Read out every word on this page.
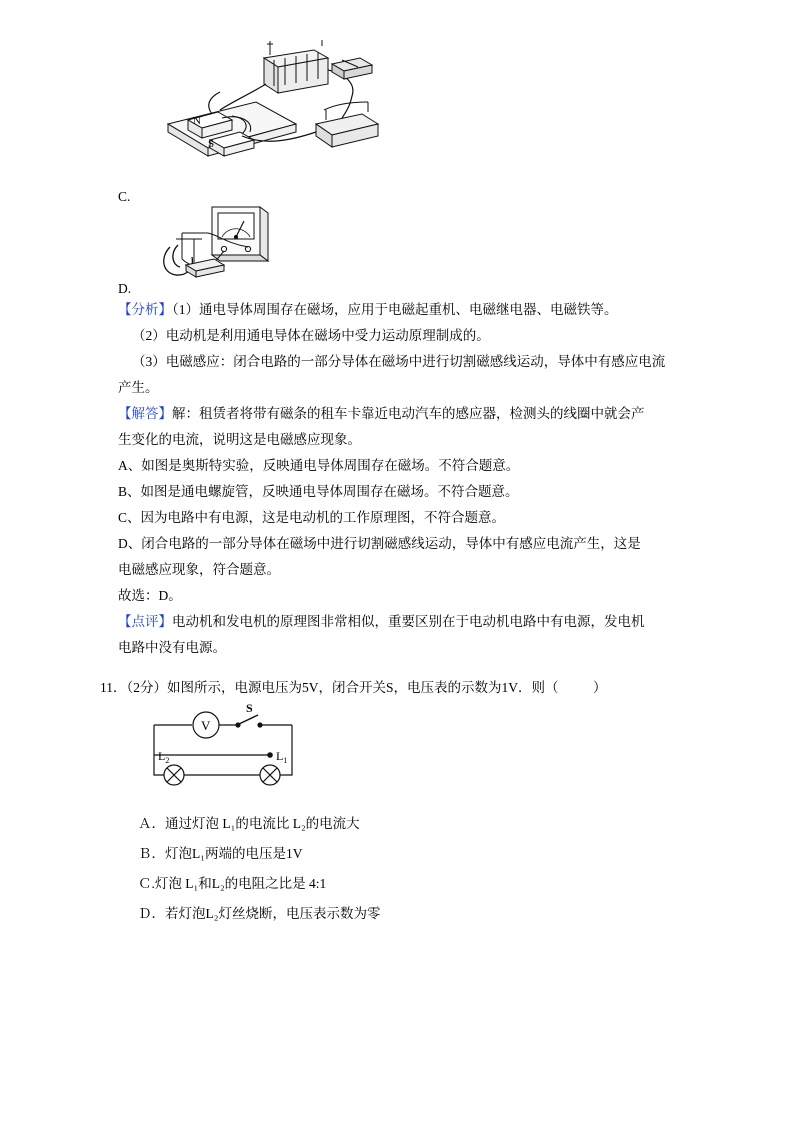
N
S
C.
D.
【分析】（1）通电导体周围存在磁场，应用于电磁起重机、电磁继电器、电磁铁等。
（2）电动机是利用通电导体在磁场中受力运动原理制成的。
（3）电磁感应：闭合电路的一部分导体在磁场中进行切割磁感线运动，导体中有感应电流
产生。
【解答】解：租赁者将带有磁条的租车卡靠近电动汽车的感应器，检测头的线圈中就会产
生变化的电流，说明这是电磁感应现象。
A、如图是奥斯特实验，反映通电导体周围存在磁场。不符合题意。
B、如图是通电螺旋管，反映通电导体周围存在磁场。不符合题意。
C、因为电路中有电源，这是电动机的工作原理图，不符合题意。
D、闭合电路的一部分导体在磁场中进行切割磁感线运动，导体中有感应电流产生，这是
电磁感应现象，符合题意。
故选：D。
【点评】电动机和发电机的原理图非常相似，重要区别在于电动机电路中有电源，发电机
电路中没有电源。
11．（2分）如图所示，电源电压为5V，闭合开关S，电压表的示数为1V．则（	）
V
S
$L_2$	$L_1$
Ａ．通过灯泡 L₁的电流比 L₂的电流大
Ｂ．灯泡L₁两端的电压是1V
Ｃ.灯泡 L₁和L₂的电阻之比是 4:1
Ｄ．若灯泡L₂灯丝烧断，电压表示数为零
